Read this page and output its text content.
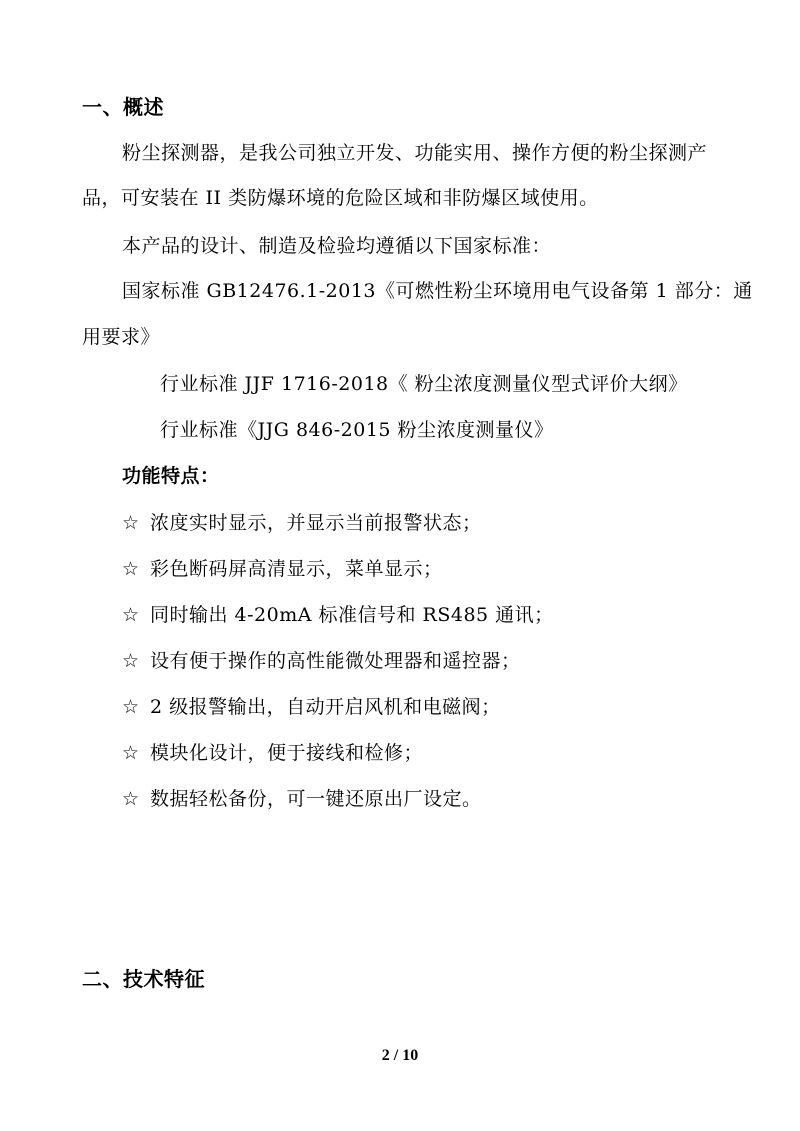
一、概述
粉尘探测器，是我公司独立开发、功能实用、操作方便的粉尘探测产
品，可安装在 II 类防爆环境的危险区域和非防爆区域使用。
本产品的设计、制造及检验均遵循以下国家标准：
国家标准 GB12476.1-2013《可燃性粉尘环境用电气设备第 1 部分：通
用要求》
行业标准 JJF 1716-2018《 粉尘浓度测量仪型式评价大纲》
行业标准《JJG 846-2015 粉尘浓度测量仪》
功能特点：
☆ 浓度实时显示，并显示当前报警状态；
☆ 彩色断码屏高清显示，菜单显示；
☆ 同时输出 4-20mA 标准信号和 RS485 通讯；
☆ 设有便于操作的高性能微处理器和遥控器；
☆ 2 级报警输出，自动开启风机和电磁阀；
☆ 模块化设计，便于接线和检修；
☆ 数据轻松备份，可一键还原出厂设定。
二、技术特征
2 / 10
